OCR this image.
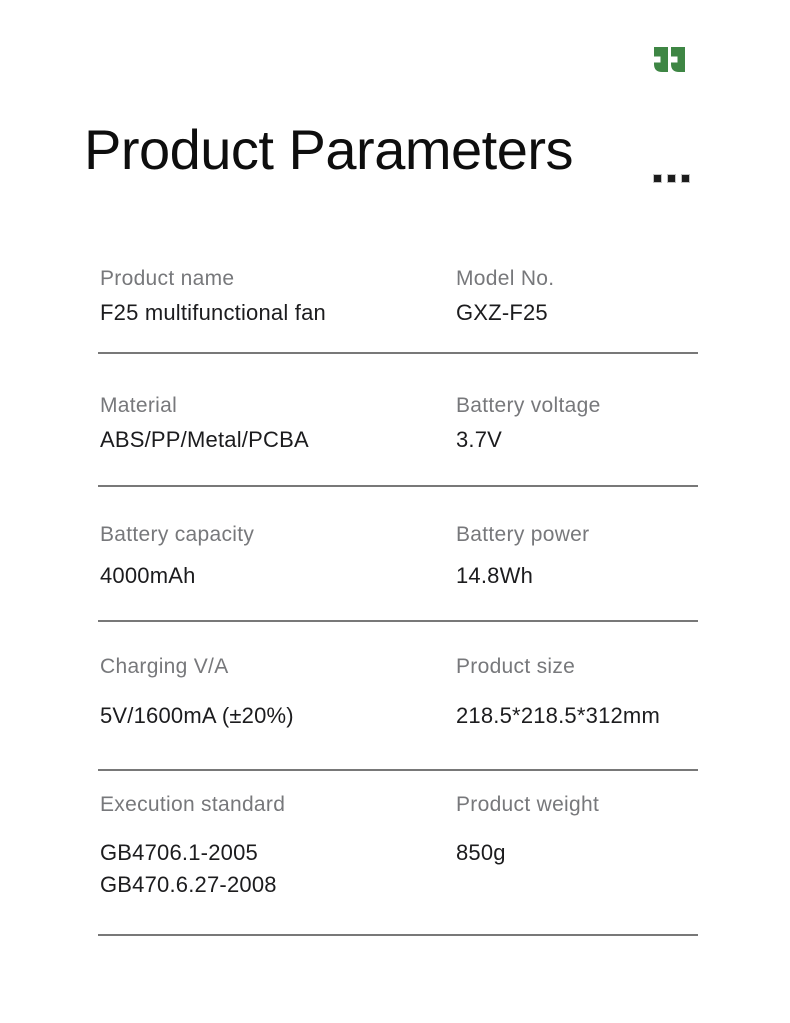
Product Parameters
Product name
F25 multifunctional fan
Model No.
GXZ-F25
Material
ABS/PP/Metal/PCBA
Battery voltage
3.7V
Battery capacity
4000mAh
Battery power
14.8Wh
Charging V/A
5V/1600mA (±20%)
Product size
218.5*218.5*312mm
Execution standard
GB4706.1-2005
GB470.6.27-2008
Product weight
850g
